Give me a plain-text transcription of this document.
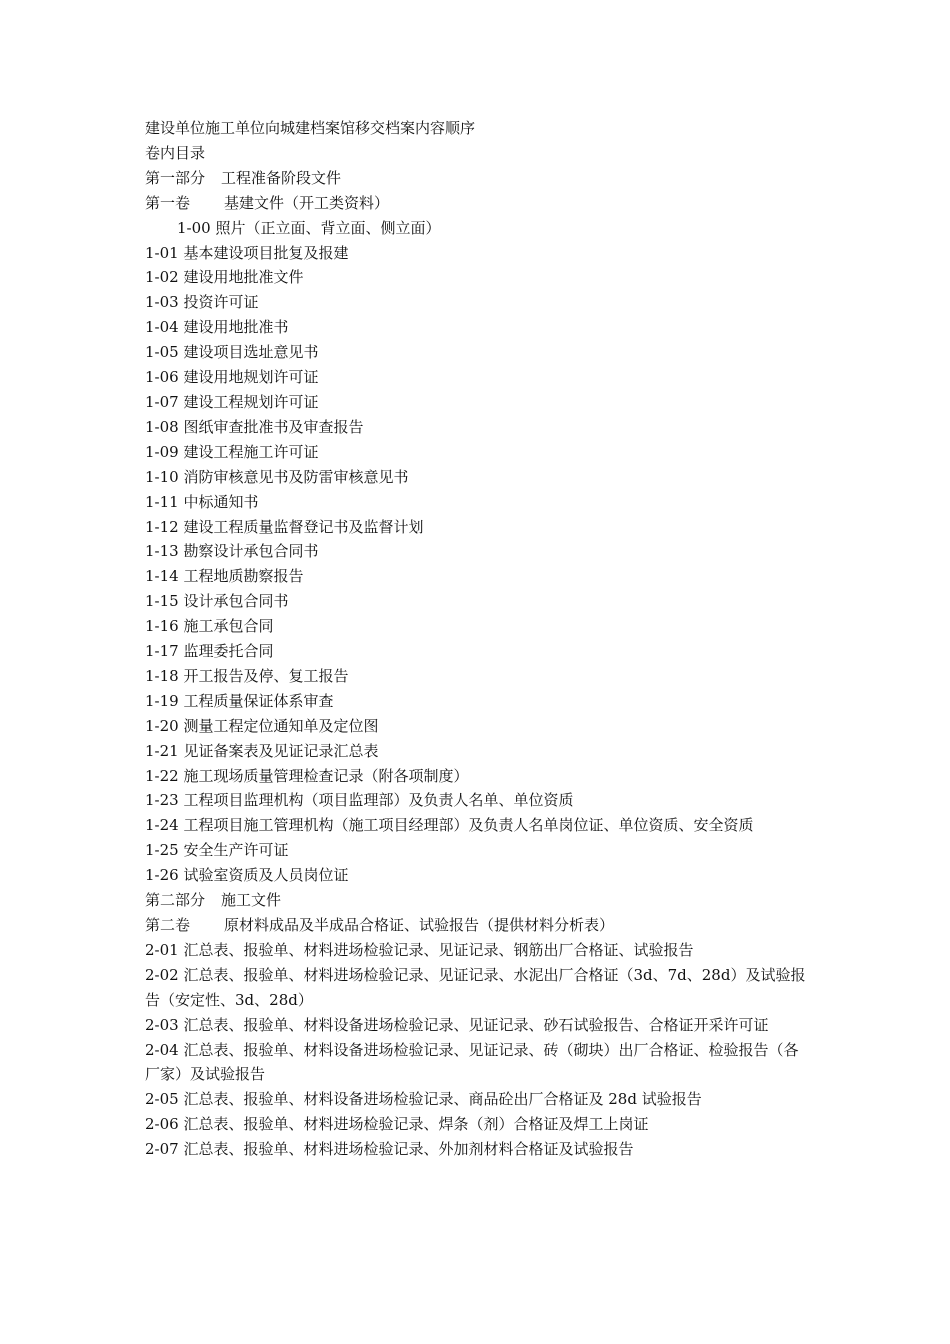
建设单位施工单位向城建档案馆移交档案内容顺序
卷内目录
第一部分 工程准备阶段文件
第一卷 基建文件（开工类资料）
1-00 照片（正立面、背立面、侧立面）
1-01 基本建设项目批复及报建
1-02 建设用地批准文件
1-03 投资许可证
1-04 建设用地批准书
1-05 建设项目选址意见书
1-06 建设用地规划许可证
1-07 建设工程规划许可证
1-08 图纸审查批准书及审查报告
1-09 建设工程施工许可证
1-10 消防审核意见书及防雷审核意见书
1-11 中标通知书
1-12 建设工程质量监督登记书及监督计划
1-13 勘察设计承包合同书
1-14 工程地质勘察报告
1-15 设计承包合同书
1-16 施工承包合同
1-17 监理委托合同
1-18 开工报告及停、复工报告
1-19 工程质量保证体系审查
1-20 测量工程定位通知单及定位图
1-21 见证备案表及见证记录汇总表
1-22 施工现场质量管理检查记录（附各项制度）
1-23 工程项目监理机构（项目监理部）及负责人名单、单位资质
1-24 工程项目施工管理机构（施工项目经理部）及负责人名单岗位证、单位资质、安全资质
1-25 安全生产许可证
1-26 试验室资质及人员岗位证
第二部分 施工文件
第二卷 原材料成品及半成品合格证、试验报告（提供材料分析表）
2-01 汇总表、报验单、材料进场检验记录、见证记录、钢筋出厂合格证、试验报告
2-02 汇总表、报验单、材料进场检验记录、见证记录、水泥出厂合格证（3d、7d、28d）及试验报告（安定性、3d、28d）
2-03 汇总表、报验单、材料设备进场检验记录、见证记录、砂石试验报告、合格证开采许可证
2-04 汇总表、报验单、材料设备进场检验记录、见证记录、砖（砌块）出厂合格证、检验报告（各厂家）及试验报告
2-05 汇总表、报验单、材料设备进场检验记录、商品砼出厂合格证及 28d 试验报告
2-06 汇总表、报验单、材料进场检验记录、焊条（剂）合格证及焊工上岗证
2-07 汇总表、报验单、材料进场检验记录、外加剂材料合格证及试验报告
